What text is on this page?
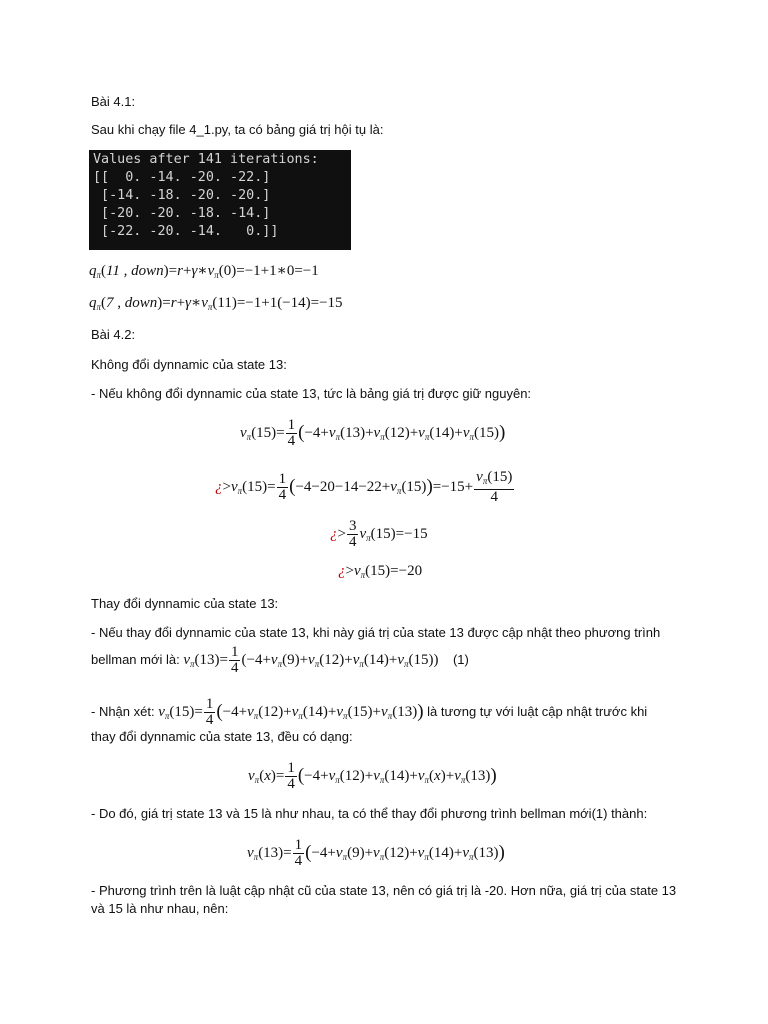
Bài 4.1:

Sau khi chạy file 4_1.py, ta có bảng giá trị hội tụ là:

Values after 141 iterations:
[[  0. -14. -20. -22.]
[-14. -18. -20. -20.]
[-20. -20. -18. -14.]
[-22. -20. -14.   0.]]
$q_\pi(11$ , $down)=r+\gamma∗v_\pi(0)=-1+1∗0=-1$
$q_\pi(7$ , $down)=r+\gamma∗v_\pi(11)=-1+1(-14)=-15$

Bài 4.2:

Không đổi dynnamic của state 13:

- Nếu không đổi dynnamic của state 13, tức là bảng giá trị được giữ nguyên:

$v_\pi(15)= \frac{1}{4} (-4+v_\pi(13)+v_\pi(12)+v_\pi(14)+v_\pi(15))$
¿$>v_\pi(15)= \frac{1}{4} (-4-20-14-22+v_\pi(15))=-15+ \frac{v_\pi(15)}{4}$
¿> $\frac{3}{4} v_\pi(15)=-15$
¿$>v_\pi(15)=-20$

Thay đổi dynnamic của state 13:

- Nếu thay đổi dynnamic của state 13, khi này giá trị của state 13 được cập nhật theo phương trình

bellman mới là: $v_\pi(13)= \frac{1}{4} (-4+v_\pi(9)+v_\pi(12)+v_\pi(14)+v_\pi(15))$ (1)
- Nhận xét: $v_\pi(15)= \frac{1}{4} (-4+v_\pi(12)+v_\pi(14)+v_\pi(15)+v_\pi(13))$ là tương tự với luật cập nhật trước khi

thay đổi dynnamic của state 13, đều có dạng:

$v_\pi(x)= \frac{1}{4} (-4+v_\pi(12)+v_\pi(14)+v_\pi(x)+v_\pi(13))$

- Do đó, giá trị state 13 và 15 là như nhau, ta có thể thay đổi phương trình bellman mới(1) thành:

$v_\pi(13)= \frac{1}{4} (-4+v_\pi(9)+v_\pi(12)+v_\pi(14)+v_\pi(13))$

- Phương trình trên là luật cập nhật cũ của state 13, nên có giá trị là -20. Hơn nữa, giá trị của state 13 và 15 là như nhau, nên:
